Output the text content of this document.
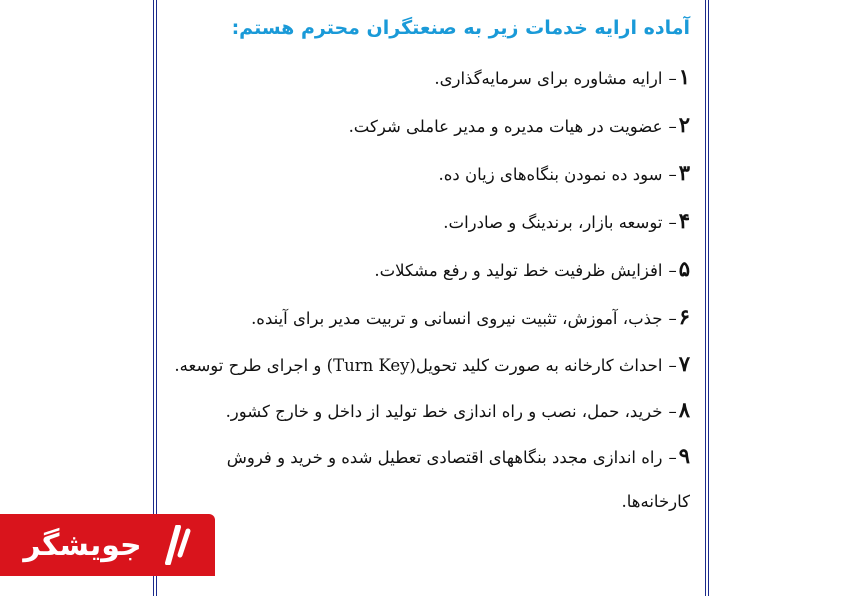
آماده ارایه خدمات زیر به صنعتگران محترم هستم:
۱–ارایه مشاوره برای سرمایه‌گذاری.
۲–عضویت در هیات مدیره و مدیر عاملی شرکت.
۳–سود ده نمودن بنگاه‌های زیان ده.
۴–توسعه بازار، برندینگ و صادرات.
۵–افزایش ظرفیت خط تولید و رفع مشکلات.
۶–جذب، آموزش، تثبیت نیروی انسانی و تربیت مدیر برای آینده.
۷–احداث کارخانه به صورت کلید تحویل(Turn Key) و اجرای طرح توسعه.
۸–خرید، حمل، نصب و راه اندازی خط تولید از داخل و خارج کشور.
۹–راه اندازی مجدد بنگاههای اقتصادی تعطیل شده و خرید و فروش کارخانه‌ها.
جویشگر
